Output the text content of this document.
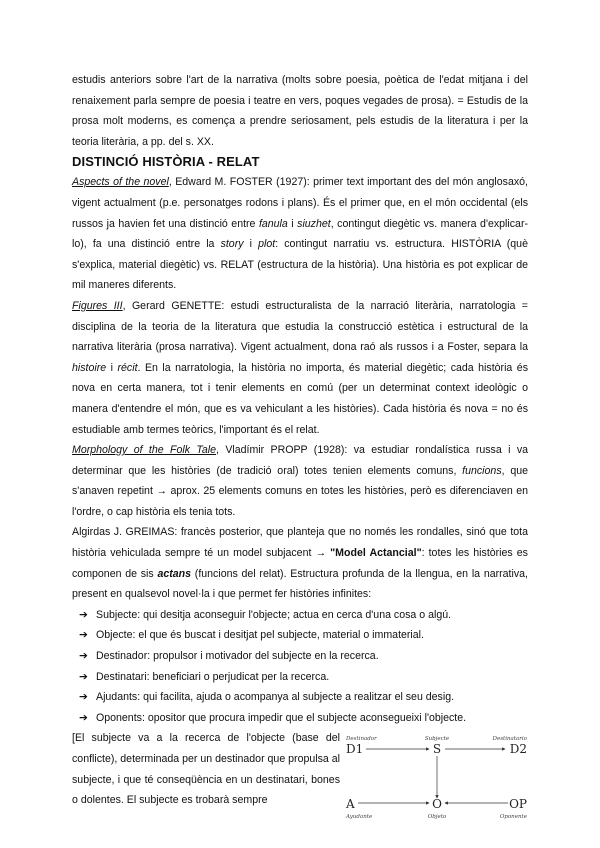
estudis anteriors sobre l'art de la narrativa (molts sobre poesia, poètica de l'edat mitjana i del renaixement parla sempre de poesia i teatre en vers, poques vegades de prosa). = Estudis de la prosa molt moderns, es comença a prendre seriosament, pels estudis de la literatura i per la teoria literària, a pp. del s. XX.

DISTINCIÓ HISTÒRIA - RELAT

Aspects of the novel, Edward M. FOSTER (1927): primer text important des del món anglosaxó, vigent actualment (p.e. personatges rodons i plans). És el primer que, en el món occidental (els russos ja havien fet una distinció entre fanula i siuzhet, contingut diegètic vs. manera d'explicar-lo), fa una distinció entre la story i plot: contingut narratiu vs. estructura. HISTÒRIA (què s'explica, material diegètic) vs. RELAT (estructura de la història). Una història es pot explicar de mil maneres diferents.

Figures III, Gerard GENETTE: estudi estructuralista de la narració literària, narratologia = disciplina de la teoria de la literatura que estudia la construcció estètica i estructural de la narrativa literària (prosa narrativa). Vigent actualment, dona raó als russos i a Foster, separa la histoire i récit. En la narratologia, la història no importa, és material diegètic; cada història és nova en certa manera, tot i tenir elements en comú (per un determinat context ideològic o manera d'entendre el món, que es va vehiculant a les històries). Cada història és nova = no és estudiable amb termes teòrics, l'important és el relat.

Morphology of the Folk Tale, Vladímir PROPP (1928): va estudiar rondalística russa i va determinar que les històries (de tradició oral) totes tenien elements comuns, funcions, que s'anaven repetint → aprox. 25 elements comuns en totes les històries, però es diferenciaven en l'ordre, o cap història els tenia tots.

Algirdas J. GREIMAS: francès posterior, que planteja que no només les rondalles, sinó que tota història vehiculada sempre té un model subjacent → "Model Actancial": totes les històries es componen de sis actans (funcions del relat). Estructura profunda de la llengua, en la narrativa, present en qualsevol novel·la i que permet fer històries infinites:

➔ Subjecte: qui desitja aconseguir l'objecte; actua en cerca d'una cosa o algú.
➔ Objecte: el que és buscat i desitjat pel subjecte, material o immaterial.
➔ Destinador: propulsor i motivador del subjecte en la recerca.
➔ Destinatari: beneficiari o perjudicat per la recerca.
➔ Ajudants: qui facilita, ajuda o acompanya al subjecte a realitzar el seu desig.
➔ Oponents: opositor que procura impedir que el subjecte aconsegueixi l'objecte.

[El subjecte va a la recerca de l'objecte (base del conflicte), determinada per un destinador que propulsa al subjecte, i que té conseqüència en un destinatari, bones o dolentes. El subjecte es trobarà sempre

Destinador	Subjecte	Destinatario
D1	S	D2
A	O	OP
Ayudante	Objeto	Oponente
